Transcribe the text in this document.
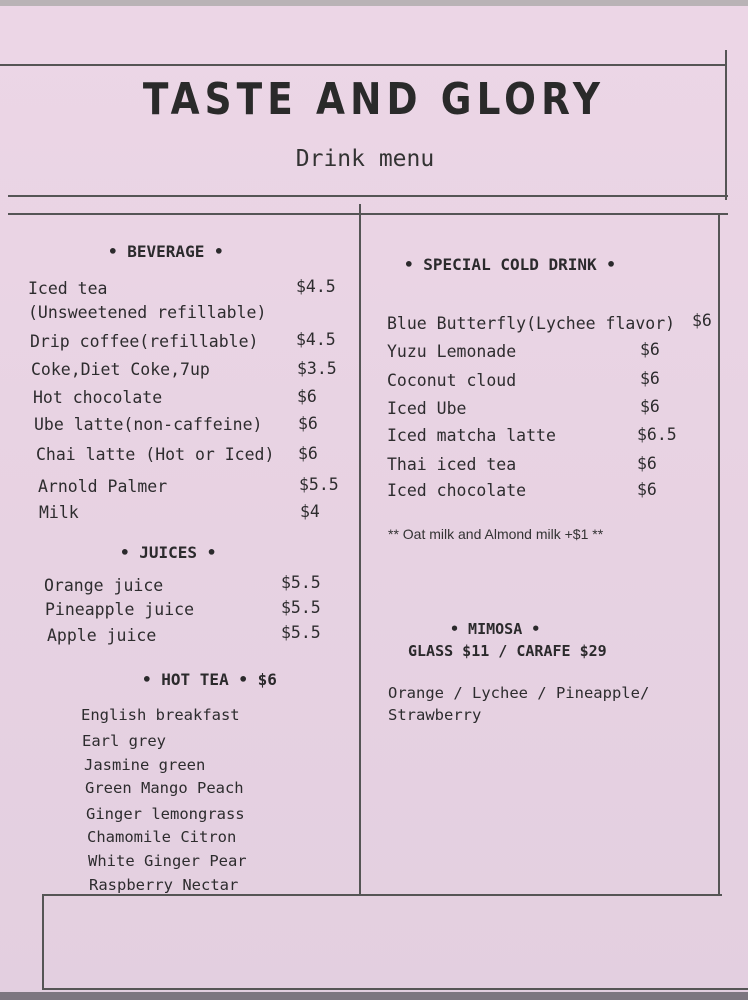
TASTE AND GLORY
Drink menu
• BEVERAGE •
Iced tea	$4.5
(Unsweetened refillable)
Drip coffee(refillable) $4.5
Coke,Diet Coke,7up	$3.5
Hot chocolate	$6
Ube latte(non-caffeine) $6
Chai latte (Hot or Iced) $6
Arnold Palmer	$5.5
Milk	$4
• JUICES •
Orange juice	$5.5
Pineapple juice	$5.5
Apple juice	$5.5
• HOT TEA • $6
English breakfast
Earl grey
Jasmine green
Green Mango Peach
Ginger lemongrass
Chamomile Citron
White Ginger Pear
Raspberry Nectar
• SPECIAL COLD DRINK •
Blue Butterfly(Lychee flavor) $6
Yuzu Lemonade	$6
Coconut cloud	$6
Iced Ube	$6
Iced matcha latte	$6.5
Thai iced tea	$6
Iced chocolate	$6
** Oat milk and Almond milk +$1 **
• MIMOSA •
GLASS $11 / CARAFE $29
Orange / Lychee / Pineapple/
Strawberry
